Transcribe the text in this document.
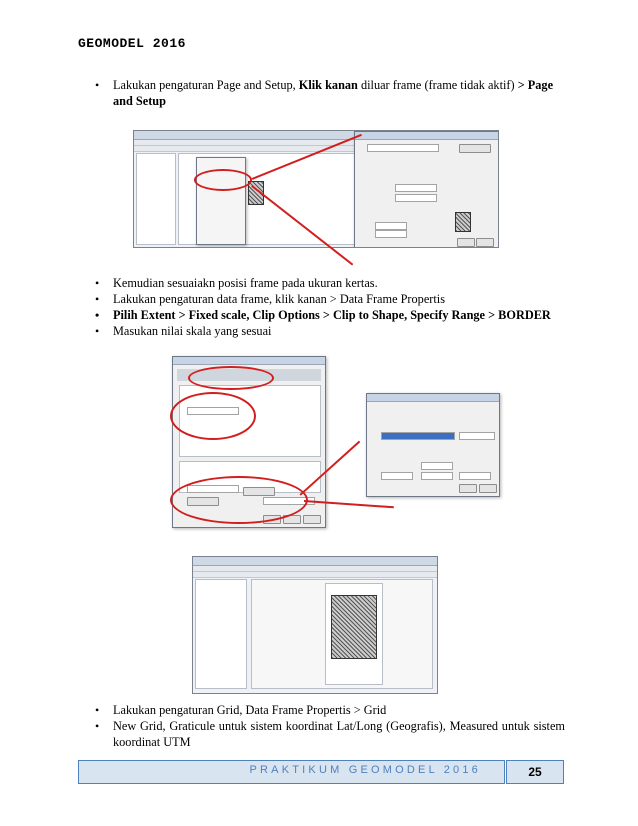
GEOMODEL 2016
• Lakukan pengaturan Page and Setup, Klik kanan diluar frame (frame tidak aktif) > Page and Setup
• Kemudian sesuaiakn posisi frame pada ukuran kertas.
• Lakukan pengaturan data frame, klik kanan > Data Frame Propertis
• Pilih Extent > Fixed scale, Clip Options > Clip to Shape, Specify Range > BORDER
• Masukan nilai skala yang sesuai
• Lakukan pengaturan Grid, Data Frame Propertis > Grid
• New Grid, Graticule untuk sistem koordinat Lat/Long (Geografis), Measured untuk sistem koordinat UTM
PRAKTIKUM GEOMODEL 2016	25
